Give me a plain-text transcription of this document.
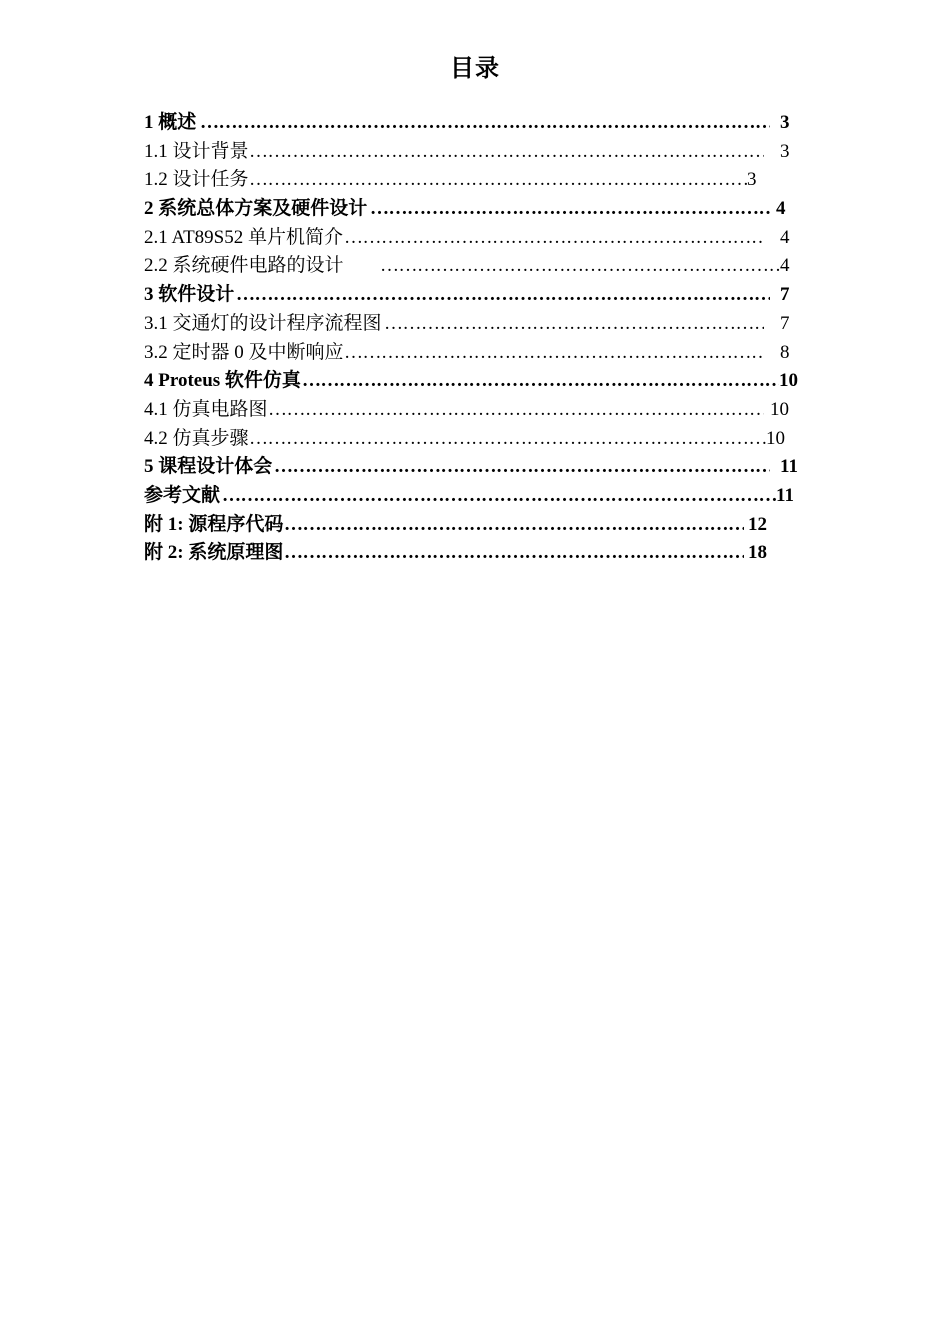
目录
1 概述 ……………………………………………………………………………………………………………………………………………………………………………………………………	3
1.1 设计背景 ……………………………………………………………………………………………………………………………………………………………………………………………………	3
1.2 设计任务 ……………………………………………………………………………………………………………………………………………………………………………………………………	3
2 系统总体方案及硬件设计 ……………………………………………………………………………………………………………………………………………………………………………………………………	4
2.1 AT89S52 单片机简介 ……………………………………………………………………………………………………………………………………………………………………………………………………	4
2.2 系统硬件电路的设计 ……………………………………………………………………………………………………………………………………………………………………………………………………	4
3 软件设计 ……………………………………………………………………………………………………………………………………………………………………………………………………	7
3.1 交通灯的设计程序流程图 ……………………………………………………………………………………………………………………………………………………………………………………………………	7
3.2 定时器 0 及中断响应 ……………………………………………………………………………………………………………………………………………………………………………………………………	8
4 Proteus 软件仿真 ……………………………………………………………………………………………………………………………………………………………………………………………………	10
4.1 仿真电路图 ……………………………………………………………………………………………………………………………………………………………………………………………………	10
4.2 仿真步骤 ……………………………………………………………………………………………………………………………………………………………………………………………………	10
5 课程设计体会 ……………………………………………………………………………………………………………………………………………………………………………………………………	11
参考文献 ……………………………………………………………………………………………………………………………………………………………………………………………………	11
附 1: 源程序代码 ……………………………………………………………………………………………………………………………………………………………………………………………………	12
附 2: 系统原理图 ……………………………………………………………………………………………………………………………………………………………………………………………………	18
